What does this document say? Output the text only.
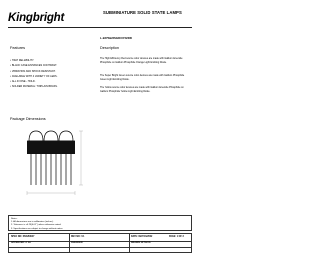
Kingbright	SUBMINIATURE SOLID STATE LAMPS
L-937SB/3SGD/3YD/3ID
Features
• HIGH RELIABILITY.
• BLACK CASE ENHANCES CONTRAST.
• VIBRATION AND SHOCK RESISTANT.
• AVAILABLE WITH 4 VARIETY OF LEDS.
• ALL IN ONE - HOLD.
• SOLDER MATERIAL: TINPLAIN BRASS.
Description
The High Efficiency Red source color devices are made with Gallium Arsenide Phosphide on Gallium Phosphide Orange Light Emitting Diode.
The Super Bright Green source color devices are made with Gallium Phosphide Green Light Emitting Diode.
The Yellow source color devices are made with Gallium Arsenide Phosphide on Gallium Phosphide Yellow Light Emitting Diode.
Package Dimensions
Notes:
1. All dimensions are in millimeters (inches).
2. Tolerance is ±0.25(0.01") unless otherwise noted.
3. Specifications are subject to change without notice.
SPEC NO: DSAB3027	REV NO: V.1	DATE: MAY/16/2002	PAGE: 1 OF 3
APPROVED: J. Lu	CHECKED:	DRAWN: W.T.HUA
